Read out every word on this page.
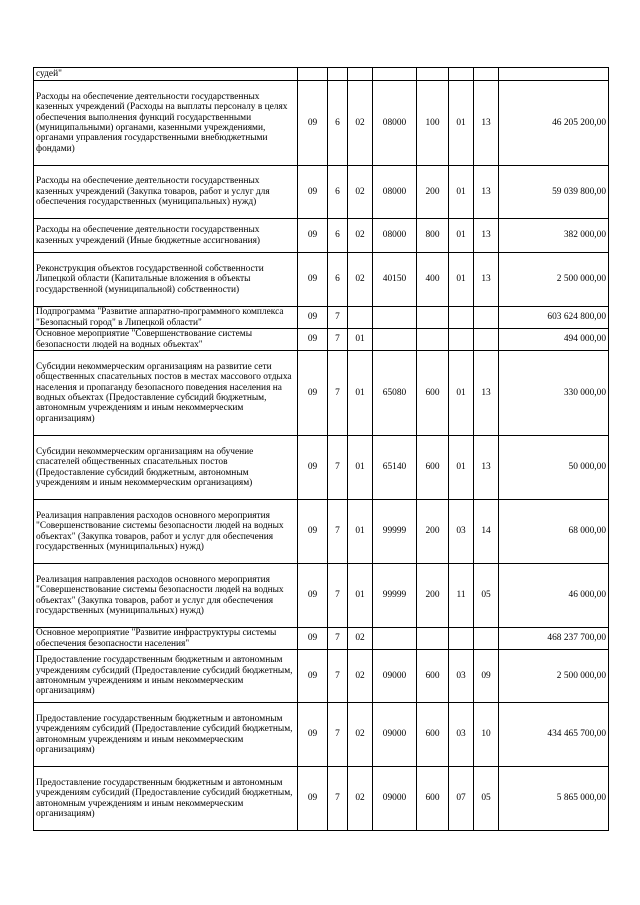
судей"								
Расходы на обеспечение деятельности государственных казенных учреждений (Расходы на выплаты персоналу в целях обеспечения выполнения функций государственными (муниципальными) органами, казенными учреждениями, органами управления государственными внебюджетными фондами)	09	6	02	08000	100	01	13	46 205 200,00
Расходы на обеспечение деятельности государственных казенных учреждений (Закупка товаров, работ и услуг для обеспечения государственных (муниципальных) нужд)	09	6	02	08000	200	01	13	59 039 800,00
Расходы на обеспечение деятельности государственных казенных учреждений (Иные бюджетные ассигнования)	09	6	02	08000	800	01	13	382 000,00
Реконструкция объектов государственной собственности Липецкой области (Капитальные вложения в объекты государственной (муниципальной) собственности)	09	6	02	40150	400	01	13	2 500 000,00
Подпрограмма "Развитие аппаратно-программного комплекса "Безопасный город" в Липецкой области"	09	7						603 624 800,00
Основное мероприятие "Совершенствование системы безопасности людей на водных объектах"	09	7	01					494 000,00
Субсидии некоммерческим организациям на развитие сети общественных спасательных постов в местах массового отдыха населения и пропаганду безопасного поведения населения на водных объектах (Предоставление субсидий бюджетным, автономным учреждениям и иным некоммерческим организациям)	09	7	01	65080	600	01	13	330 000,00
Субсидии некоммерческим организациям на обучение спасателей общественных спасательных постов (Предоставление субсидий бюджетным, автономным учреждениям и иным некоммерческим организациям)	09	7	01	65140	600	01	13	50 000,00
Реализация направления расходов основного мероприятия "Совершенствование системы безопасности людей на водных объектах" (Закупка товаров, работ и услуг для обеспечения государственных (муниципальных) нужд)	09	7	01	99999	200	03	14	68 000,00
Реализация направления расходов основного мероприятия "Совершенствование системы безопасности людей на водных объектах" (Закупка товаров, работ и услуг для обеспечения государственных (муниципальных) нужд)	09	7	01	99999	200	11	05	46 000,00
Основное мероприятие "Развитие инфраструктуры системы обеспечения безопасности населения"	09	7	02					468 237 700,00
Предоставление государственным бюджетным и автономным учреждениям субсидий (Предоставление субсидий бюджетным, автономным учреждениям и иным некоммерческим организациям)	09	7	02	09000	600	03	09	2 500 000,00
Предоставление государственным бюджетным и автономным учреждениям субсидий (Предоставление субсидий бюджетным, автономным учреждениям и иным некоммерческим организациям)	09	7	02	09000	600	03	10	434 465 700,00
Предоставление государственным бюджетным и автономным учреждениям субсидий (Предоставление субсидий бюджетным, автономным учреждениям и иным некоммерческим организациям)	09	7	02	09000	600	07	05	5 865 000,00
